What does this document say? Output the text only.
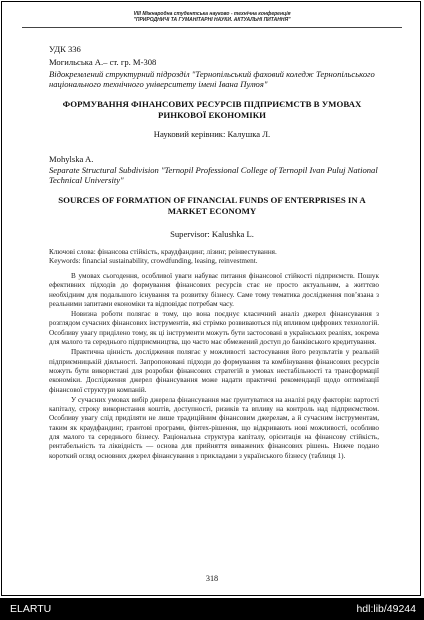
VIII Міжнародна студентська науково - технічна конференція
"ПРИРОДНИЧІ ТА ГУМАНІТАРНІ НАУКИ. АКТУАЛЬНІ ПИТАННЯ"
УДК 336
Могильська А.– ст. гр. М-308
Відокремлений структурний підрозділ "Тернопільський фаховий коледж Тернопільського національного технічного університету імені Івана Пулюя"
ФОРМУВАННЯ ФІНАНСОВИХ РЕСУРСІВ ПІДПРИЄМСТВ В УМОВАХ РИНКОВОЇ ЕКОНОМІКИ
Науковий керівник: Калушка Л.
Mohylska A.
Separate Structural Subdivision "Ternopil Professional College of Ternopil Ivan Puluj National Technical University"
SOURCES OF FORMATION OF FINANCIAL FUNDS OF ENTERPRISES IN A MARKET ECONOMY
Supervisor: Kalushka L.
Ключові слова: фінансова стійкість, краудфандинг, лізинг, реінвестування.
Keywords: financial sustainability, crowdfunding, leasing, reinvestment.
В умовах сьогодення, особливої уваги набуває питання фінансової стійкості підприємств. Пошук ефективних підходів до формування фінансових ресурсів стає не просто актуальним, а життєво необхідним для подальшого існування та розвитку бізнесу. Саме тому тематика дослідження пов’язана з реальними запитами економіки та відповідає потребам часу.
Новизна роботи полягає в тому, що вона поєднує класичний аналіз джерел фінансування з розглядом сучасних фінансових інструментів, які стрімко розвиваються під впливом цифрових технологій. Особливу увагу приділено тому, як ці інструменти можуть бути застосовані в українських реаліях, зокрема для малого та середнього підприємництва, що часто має обмежений доступ до банківського кредитування.
Практична цінність дослідження полягає у можливості застосування його результатів у реальній підприємницькій діяльності. Запропоновані підходи до формування та комбінування фінансових ресурсів можуть бути використані для розробки фінансових стратегій в умовах нестабільності та трансформації економіки. Дослідження джерел фінансування може надати практичні рекомендації щодо оптимізації фінансової структури компаній.
У сучасних умовах вибір джерела фінансування має ґрунтуватися на аналізі ряду факторів: вартості капіталу, строку використання коштів, доступності, ризиків та впливу на контроль над підприємством. Особливу увагу слід приділяти не лише традиційним фінансовим джерелам, а й сучасним інструментам, таким як краудфандинг, грантові програми, фінтех-рішення, що відкривають нові можливості, особливо для малого та середнього бізнесу. Раціональна структура капіталу, орієнтація на фінансову стійкість, рентабельність та ліквідність — основа для прийняття виважених фінансових рішень. Нижче подано короткий огляд основних джерел фінансування з прикладами з українського бізнесу (таблиця 1).
318
ELARTU	hdl:lib/49244
